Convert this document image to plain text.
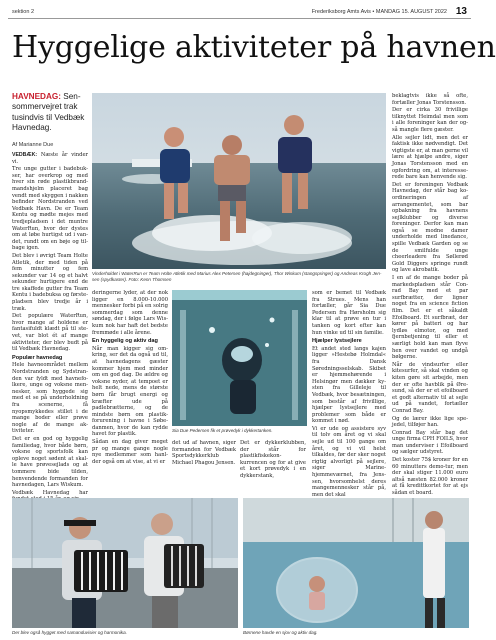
sektion 2	Frederiksborg Amts Avis • MANDAG 15. AUGUST 2022 13
Hyggelige aktiviteter på havnen
HAVNEDAG: Sensommervejret trak tusindvis til Vedbæk Havnedag.
Af Marianne Due

VEDBÆK: Næste år vinder vi.

Tre unge gutter i badebukser, har overkrop og med hver sin røde plastikbrandmandshjelm placeret bag vendt med skyggen i nakken befinder Nordstranden ved Vedbæk Havn. De er Team Kentu og mødte mejes med tredjepladsen i det muntre WaterRun, hvor der dystes om at løbe hurtigst ud i vandet, rundt om en bøje og tilbage igen.

Det blev i øvrigt Team Holte Atletik, der med tiden på fem minutter og fem sekunder var 14 og et halvt sekunder hurtigere end de tre skaffede gutter fra Team Kentu i badebuksa og førstepladsen blev tredje år i træk.

Det populære WaterRun, hvor mange af holdene er fantasifuldt klædt på til stevet, var blot ét af mange aktiviteter, der blev budt på til Vedbæk Havnedag.

Populær havnedag

Hele havneområdet mellem Nordstranden og Sydstranden var fyldt med havnefolkere, unge og voksne mennesker, som hyggede sig med et se på underholdning fra scenerne, få nyopsmykkedes stillet i de mange boder eller prøve nogle af de mange aktiviteter.

Det er en god og hyggelig familiedag, hvor både børn, voksne og sportsfolk kan opleve noget sødent at skalle have prøvesejlads og at tommere bide tilden, henvendende formanden for havnedagen, Lars Wiskum.

Vedbæk Havnedag har

Vinderholdet i WaterRun er Team Holte Atletik med Marius Alex Petersen (hajdegninger), Thor Wiskum (stangspringer) og Andreas Krogh Jensen (spydkaster). Foto: Kenn Thomsen

deringerne lyder, at der nok ligger en 8.000-10.000 mennesker forbi på en solrig sommerdag som denne søndag, der i følge Lars Wiskum nok har haft det bedste fremmøde i alle årene.

En hyggelig og aktiv dag

Når man kigger sig omkring, ser det da også ud til, at havnedagens gæster kommer hjem med minder om en god dag. De ældre og voksne nyder, at tempoet er helt nede, mens de største børn får brugt energi og kræfter ude på padlebrætterne, og de mindste børn om plastikforurening i havne i Søbedanmen, hvor de kan rydde havet for plastik.

Sådan en dag giver meget pr og mange gange nogle nye medlemmer som hanlder også om at vise, at vi er

Sia Due Pedersen fik et prøvedyk i dykkertanken.

det ud af havnen, siger formanden for Vedbæk Sportsdykkerklub Michael Phagou Jensen.

Det er dykkerklubben, der står for plastikfiskekonkurrencen og for at give et kort prøvedyk i en dykkerstank,

som er bemet til Vedbæk fra Strues. Mens han fortæller, går Sia Due Pedersen fra Hørsholm sig klar til at prøve en tur i tanken og kort efter kan hun vinke ud til sin familie.

Hjælper lystsejlere

Et andet sted langs kajen ligger »Hestebø Holmdal« fra Dansk Søredningsselskab. Skibet er hjemmehørende i Helsingør men dækker kysten fra Gilleleje til Vedbæk, hvor besætningen, som består af frivillige, hjælper lystsejlere med problemer som både er kommet i nød.

Vi er ude og assistere syv til tolv om året og vi skal sejle ud til 100 gange om året, og vi vil helst tilkaldes, før der sker noget rigtig alvorligt på sejlere, siger Marinehjemmeværnet, fra Jenssen, hvorsomhelst deres mangemennesker står på, men det skal

beklagtvis ikke så ofte, fortæller Jonas Torstensson.

Der er cirka 30 frivillige tilknyttet Heimdal men som i alle foreninger kan der også mangle flere gæster.

Alle sejler lidt, men det er faktisk ikke nødvendigt. Det vigtigste er, at man gerne vil lære at hjælpe andre, siger Jonas Torstensson med en opfordring om, at interesserede bare kan henvende sig.

Det er foreningen Vedbæk Havnedag, der står bag koordineringen af arrangementet, som bar opbakning fra havnens sejlklubber og diverse foreninger. Derfor kan man også se modne damer underholde med linedance, spille Vedbæk Garden og se de smilfulde unge cheerleadere fra Søllerød Gold Diggers springe rundt og lave akrobatik.

I en af de mange boder på markedspladsen står Conrad Bay med et par surfbrætter, der ligner noget fra en science fiction film. Det er et såkaldt Efoilboard. Et surfbræt, der kører på batteri og har lydløs elmotor, og med fjernbetjening til eller et særligt hold kan man flyve hen over vandet og undgå bølgerne.

Når de vindsurfer eller kitesurfer, så skal vinden og kiten gøre sit arbejde, men der er ofte havblik på Øresund, så der er et efoilboard et godt alternativ til at sejle ud på vandet, fortæller Conrad Bay.

Og de lærer ikke lige spejedel, tilføjer han.

Conrad Bay står bag det unge firma CPH FOILS, hvor man underviser i Efoilboard og sælger udstyret.

Det koster 75$ kroner for en 60 minutters demo-tur, men der skal stiger 11.000 euro altså næsten 82.000 kroner at få kredittkortet for at ejs sådan et board.

Der blev også hygget med samanduvisier og harmonika.	Børnene havde en sjov og aktiv dag.
